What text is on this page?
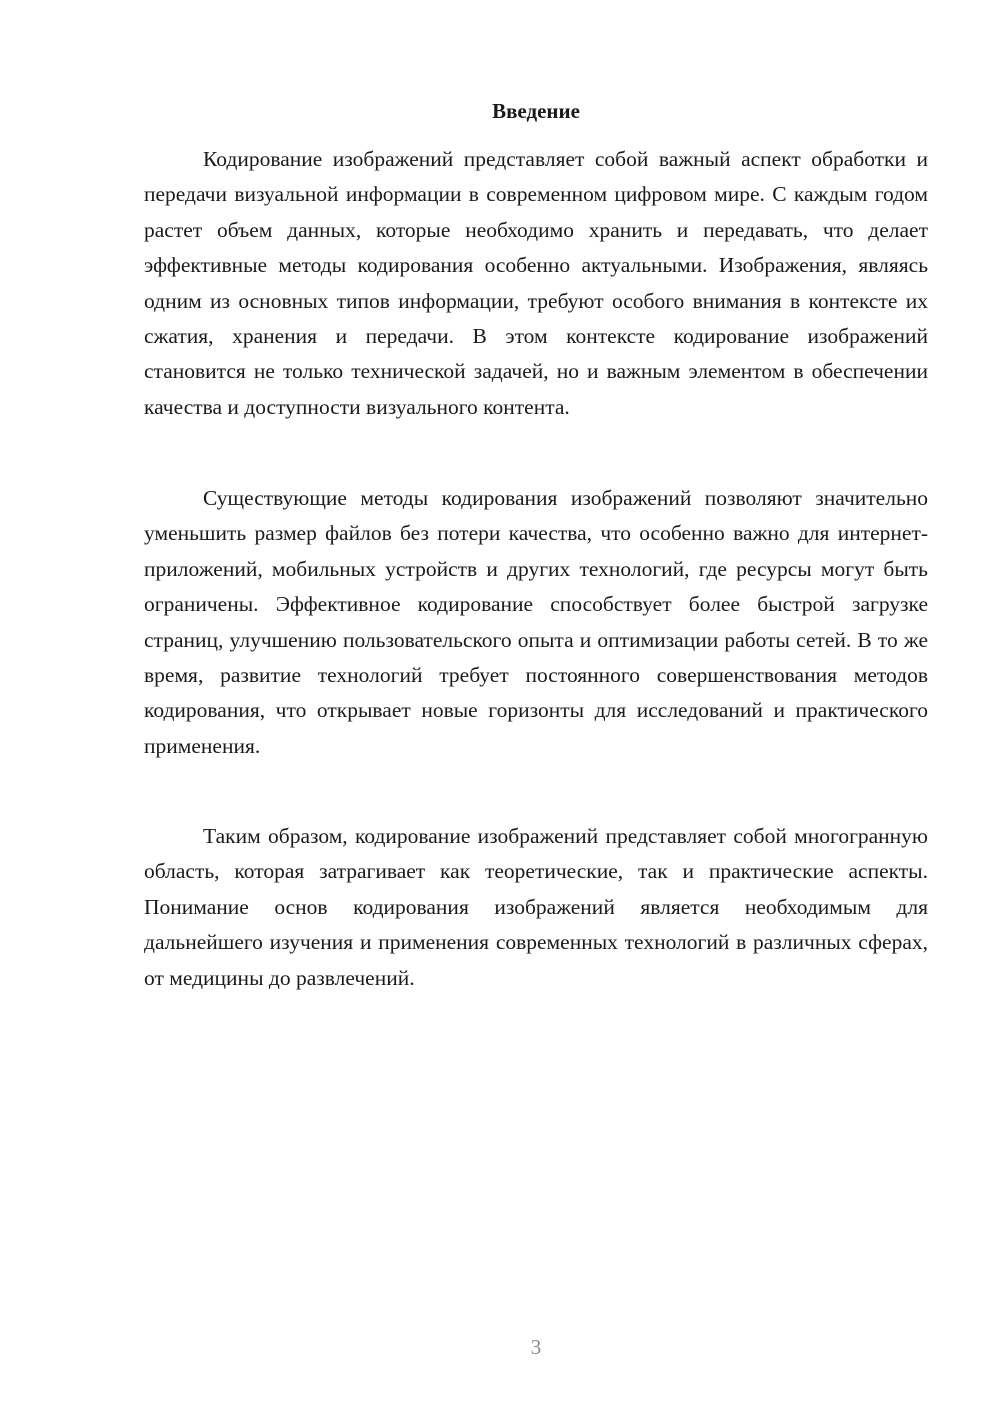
Введение

Кодирование изображений представляет собой важный аспект обработки и передачи визуальной информации в современном цифровом мире. С каждым годом растет объем данных, которые необходимо хранить и передавать, что делает эффективные методы кодирования особенно актуальными. Изображения, являясь одним из основных типов информации, требуют особого внимания в контексте их сжатия, хранения и передачи. В этом контексте кодирование изображений становится не только технической задачей, но и важным элементом в обеспечении качества и доступности визуального контента.

Существующие методы кодирования изображений позволяют значительно уменьшить размер файлов без потери качества, что особенно важно для интернет-приложений, мобильных устройств и других технологий, где ресурсы могут быть ограничены. Эффективное кодирование способствует более быстрой загрузке страниц, улучшению пользовательского опыта и оптимизации работы сетей. В то же время, развитие технологий требует постоянного совершенствования методов кодирования, что открывает новые горизонты для исследований и практического применения.

Таким образом, кодирование изображений представляет собой многогранную область, которая затрагивает как теоретические, так и практические аспекты. Понимание основ кодирования изображений является необходимым для дальнейшего изучения и применения современных технологий в различных сферах, от медицины до развлечений.

3
